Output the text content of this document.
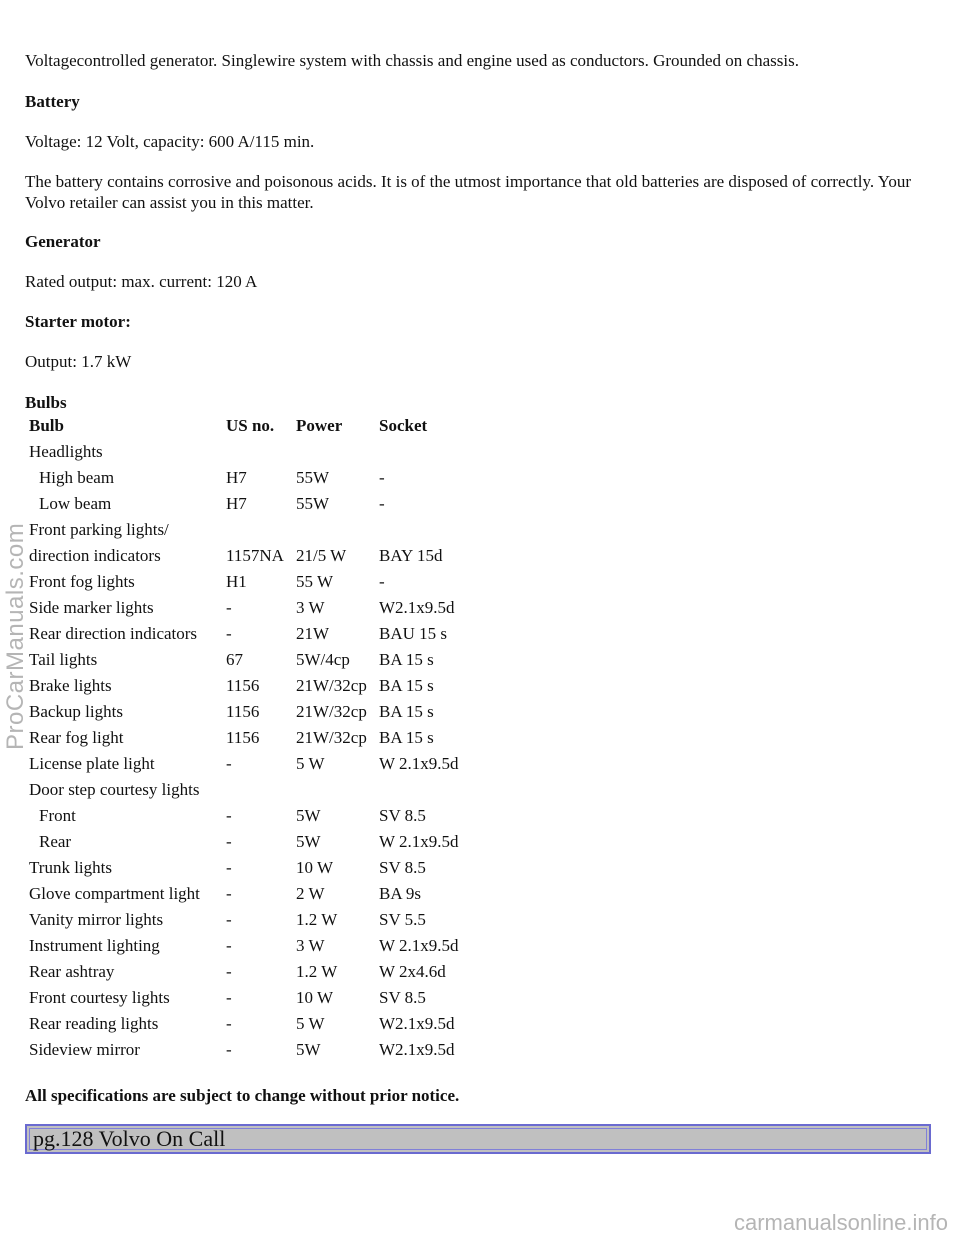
Voltagecontrolled generator. Singlewire system with chassis and engine used as conductors. Grounded on chassis.

Battery

Voltage: 12 Volt, capacity: 600 A/115 min.

The battery contains corrosive and poisonous acids. It is of the utmost importance that old batteries are disposed of correctly. Your Volvo retailer can assist you in this matter.

Generator

Rated output: max. current: 120 A

Starter motor:

Output: 1.7 kW

Bulbs

Bulb	US no.	Power	Socket
Headlights			
High beam	H7	55W	-
Low beam	H7	55W	-
Front parking lights/			
direction indicators	1157NA	21/5 W	BAY 15d
Front fog lights	H1	55 W	-
Side marker lights	-	3 W	W2.1x9.5d
Rear direction indicators	-	21W	BAU 15 s
Tail lights	67	5W/4cp	BA 15 s
Brake lights	1156	21W/32cp	BA 15 s
Backup lights	1156	21W/32cp	BA 15 s
Rear fog light	1156	21W/32cp	BA 15 s
License plate light	-	5 W	W 2.1x9.5d
Door step courtesy lights			
Front	-	5W	SV 8.5
Rear	-	5W	W 2.1x9.5d
Trunk lights	-	10 W	SV 8.5
Glove compartment light	-	2 W	BA 9s
Vanity mirror lights	-	1.2 W	SV 5.5
Instrument lighting	-	3 W	W 2.1x9.5d
Rear ashtray	-	1.2 W	W 2x4.6d
Front courtesy lights	-	10 W	SV 8.5
Rear reading lights	-	5 W	W2.1x9.5d
Sideview mirror	-	5W	W2.1x9.5d

All specifications are subject to change without prior notice.

pg.128 Volvo On Call
ProCarManuals.com
carmanualsonline.info
